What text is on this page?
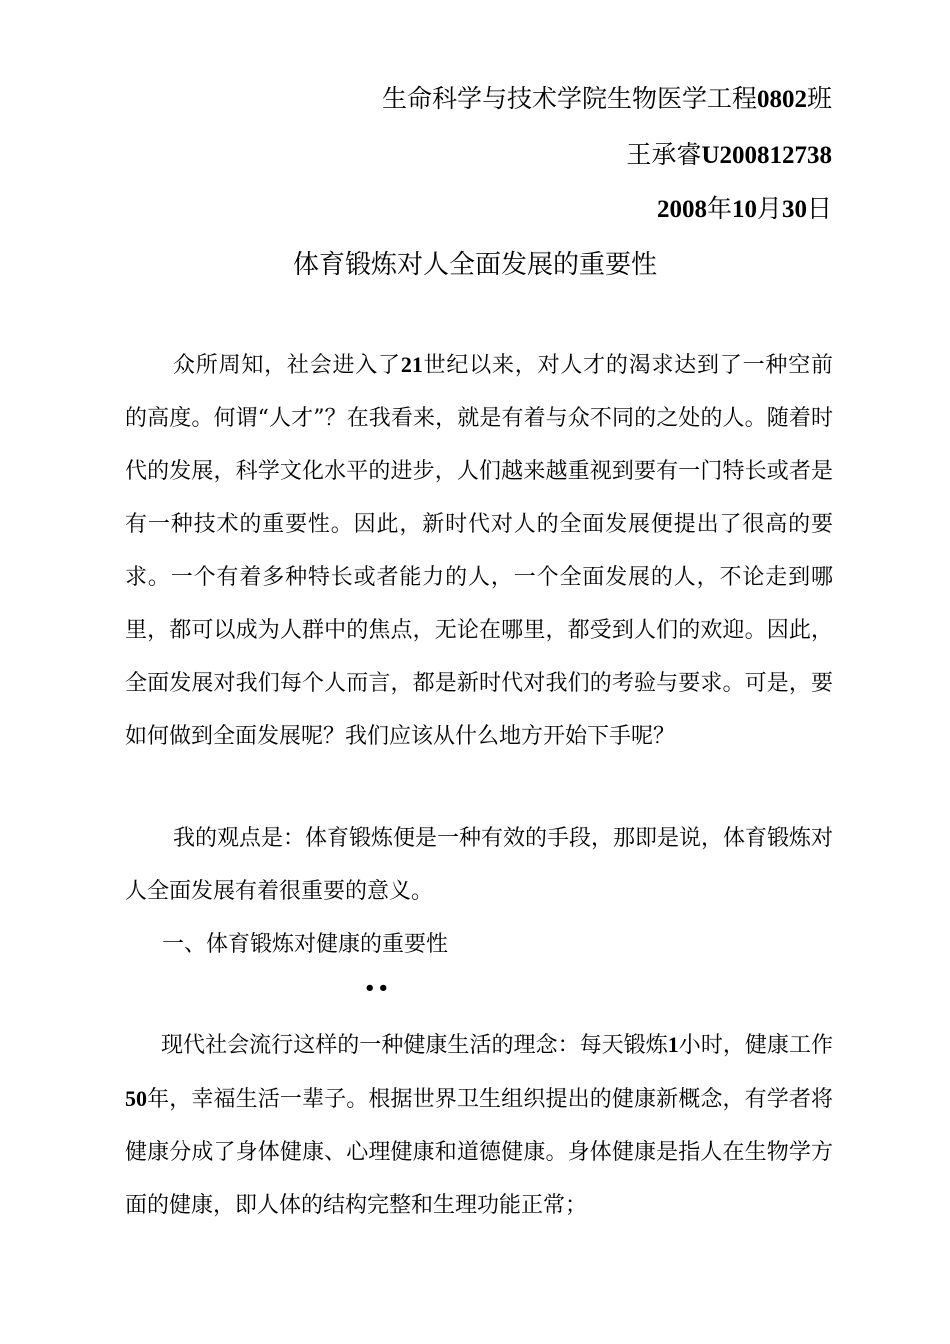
生命科学与技术学院生物医学工程0802班
王承睿U200812738
2008年10月30日
体育锻炼对人全面发展的重要性
众所周知，社会进入了21世纪以来，对人才的渴求达到了一种空前的高度。何谓“人才”？在我看来，就是有着与众不同的之处的人。随着时代的发展，科学文化水平的进步，人们越来越重视到要有一门特长或者是有一种技术的重要性。因此，新时代对人的全面发展便提出了很高的要求。一个有着多种特长或者能力的人，一个全面发展的人，不论走到哪里，都可以成为人群中的焦点，无论在哪里，都受到人们的欢迎。因此，全面发展对我们每个人而言，都是新时代对我们的考验与要求。可是，要如何做到全面发展呢？我们应该从什么地方开始下手呢？
我的观点是：体育锻炼便是一种有效的手段，那即是说，体育锻炼对人全面发展有着很重要的意义。
一、体育锻炼对健康的重要性
••
现代社会流行这样的一种健康生活的理念：每天锻炼1小时，健康工作50年，幸福生活一辈子。根据世界卫生组织提出的健康新概念，有学者将健康分成了身体健康、心理健康和道德健康。身体健康是指人在生物学方面的健康，即人体的结构完整和生理功能正常；
